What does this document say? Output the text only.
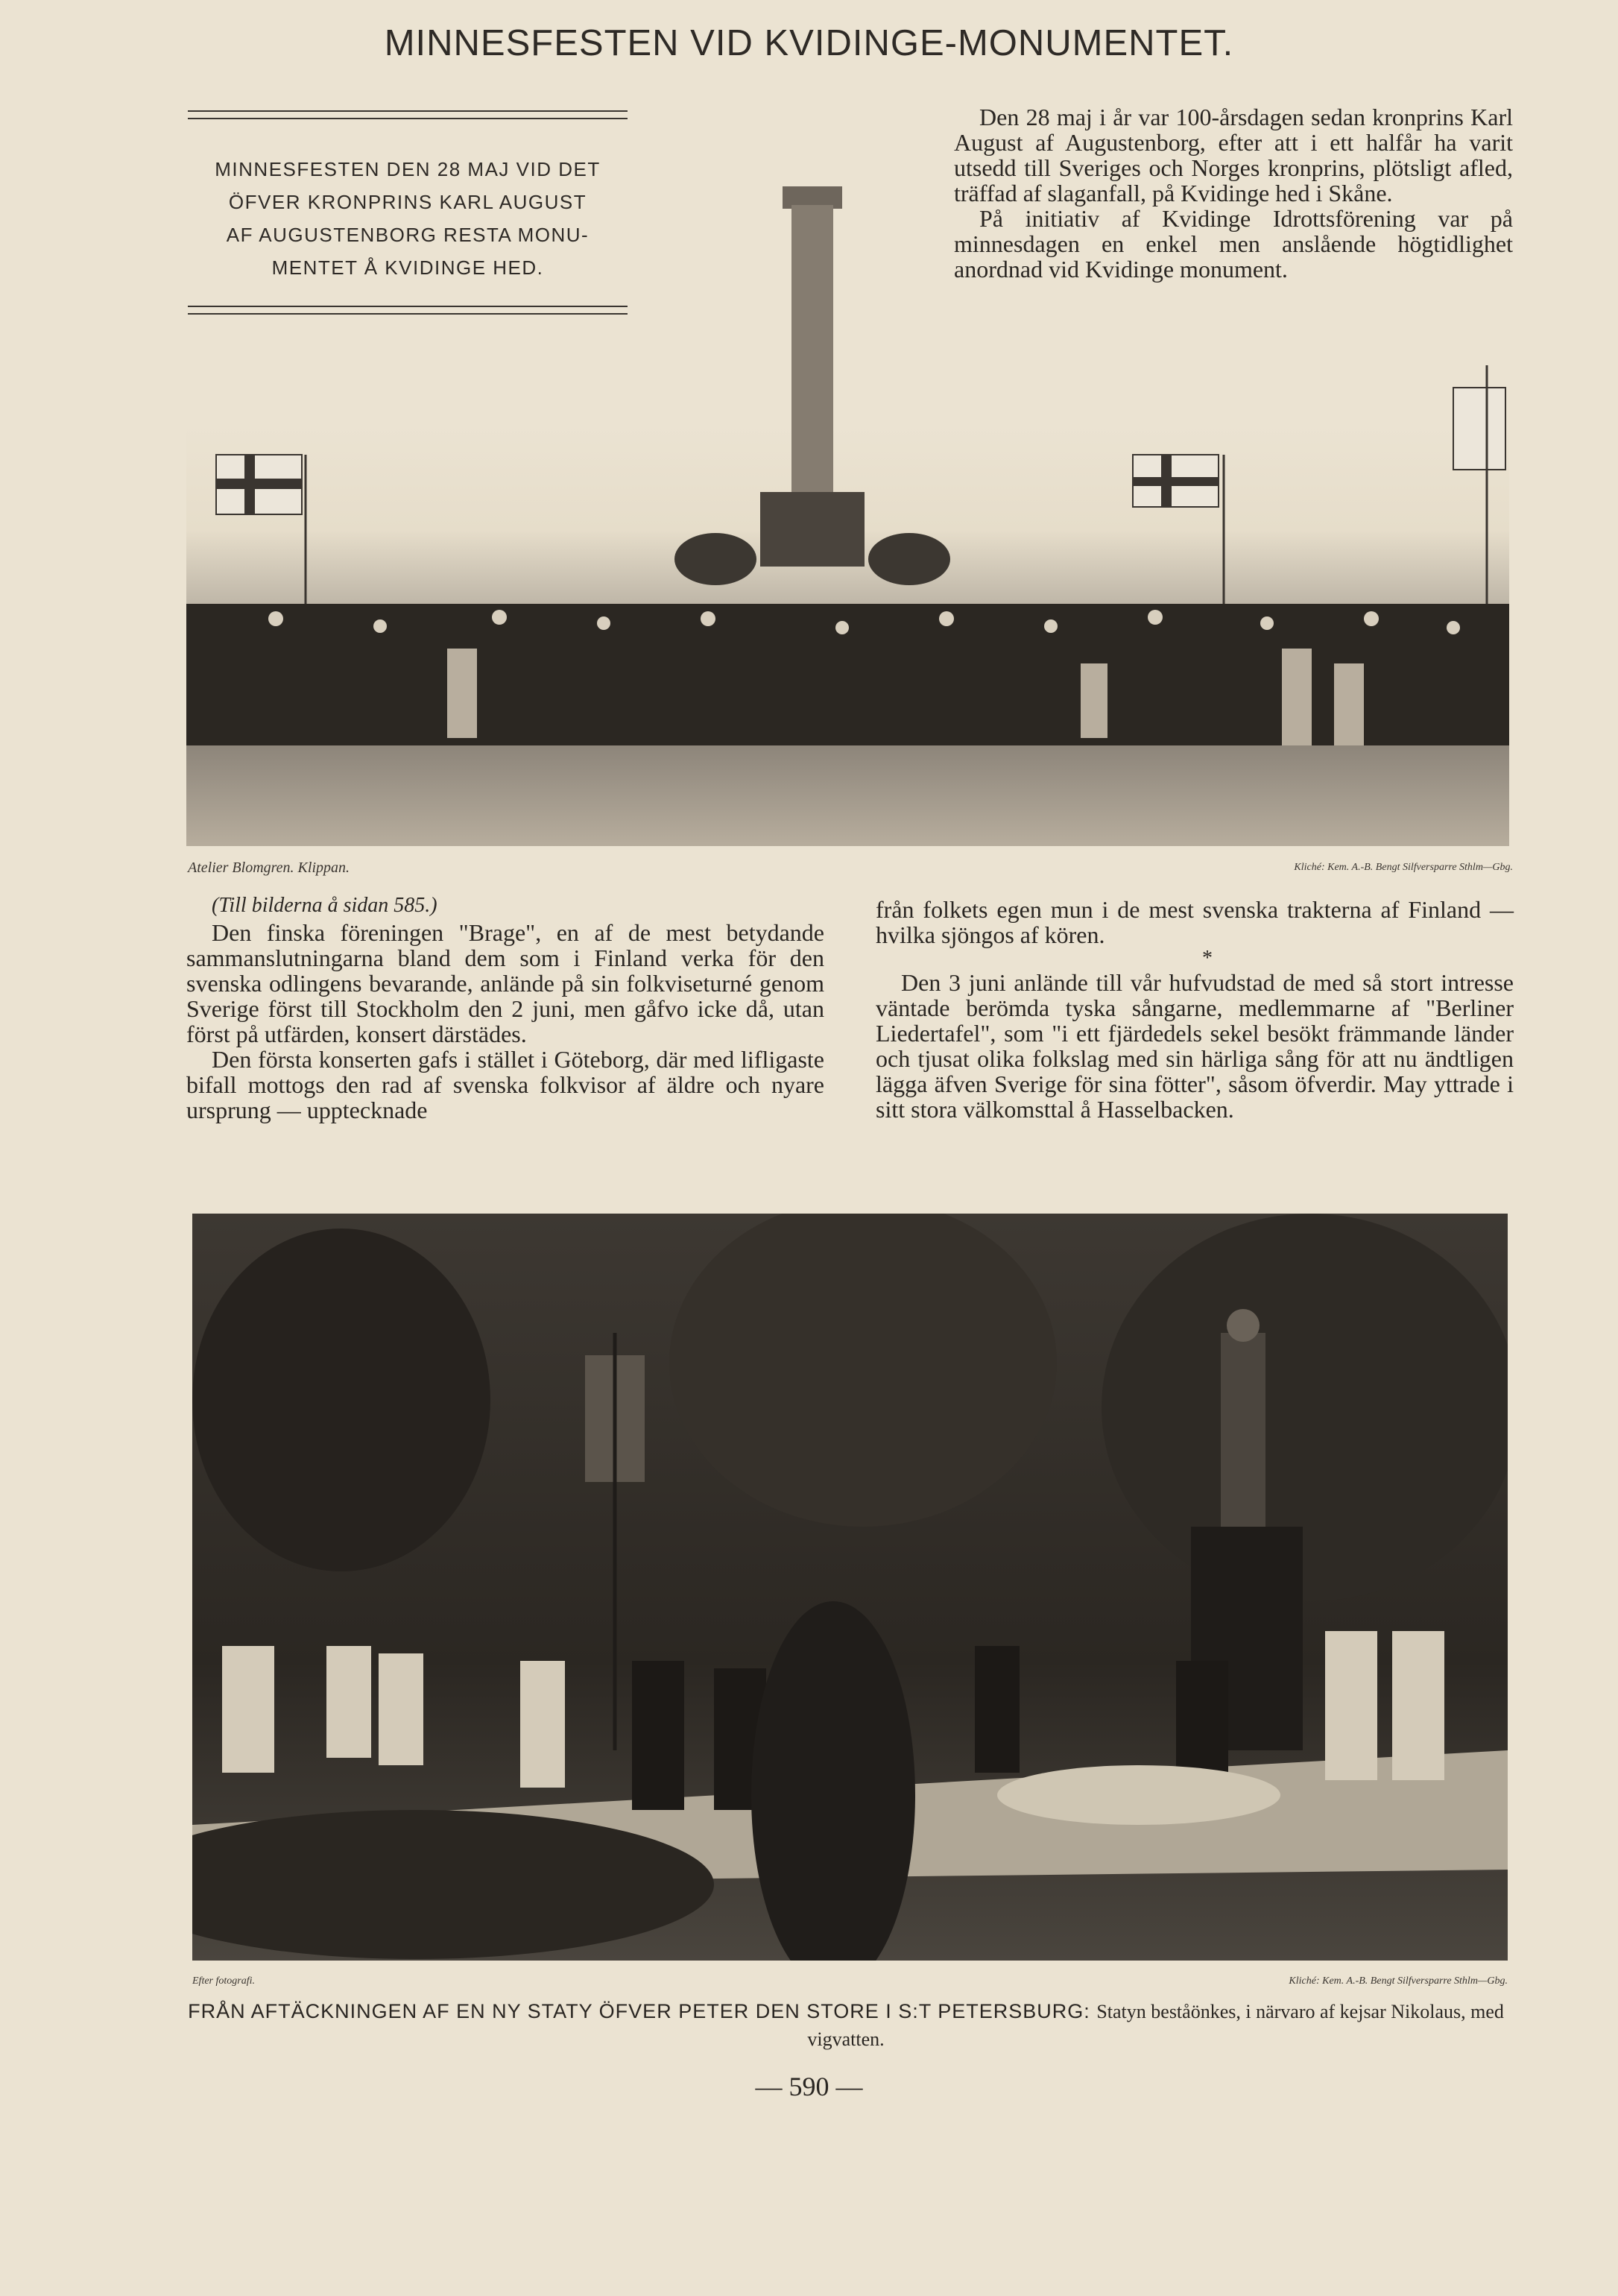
MINNESFESTEN VID KVIDINGE-MONUMENTET.
MINNESFESTEN DEN 28 MAJ VID DET
ÖFVER KRONPRINS KARL AUGUST
AF AUGUSTENBORG RESTA MONU-
MENTET Å KVIDINGE HED.

Den 28 maj i år var 100-årsdagen sedan kronprins Karl August af Augustenborg, efter att i ett halfår ha varit utsedd till Sveriges och Norges kronprins, plötsligt afled, träffad af slaganfall, på Kvidinge hed i Skåne.

På initiativ af Kvidinge Idrottsförening var på minnesdagen en enkel men anslående högtidlighet anordnad vid Kvidinge monument.

Atelier Blomgren. Klippan.	Kliché: Kem. A.-B. Bengt Silfversparre Sthlm—Gbg.

(Till bilderna å sidan 585.)

Den finska föreningen "Brage", en af de mest betydande sammanslutningarna bland dem som i Finland verka för den svenska odlingens bevarande, anlände på sin folkviseturné genom Sverige först till Stockholm den 2 juni, men gåfvo icke då, utan först på utfärden, konsert därstädes.

Den första konserten gafs i stället i Göteborg, där med lifligaste bifall mottogs den rad af svenska folkvisor af äldre och nyare ursprung — upptecknade

från folkets egen mun i de mest svenska trakterna af Finland — hvilka sjöngos af kören.

*

Den 3 juni anlände till vår hufvudstad de med så stort intresse väntade berömda tyska sångarne, medlemmarne af "Berliner Liedertafel", som "i ett fjärdedels sekel besökt främmande länder och tjusat olika folkslag med sin härliga sång för att nu ändtligen lägga äfven Sverige för sina fötter", såsom öfverdir. May yttrade i sitt stora välkomsttal å Hasselbacken.

Efter fotografi.	Kliché: Kem. A.-B. Bengt Silfversparre Sthlm—Gbg.
FRÅN AFTÄCKNINGEN AF EN NY STATY ÖFVER PETER DEN STORE I S:T PETERSBURG: Statyn beståönkes, i närvaro af kejsar Nikolaus, med vigvatten.
— 590 —
